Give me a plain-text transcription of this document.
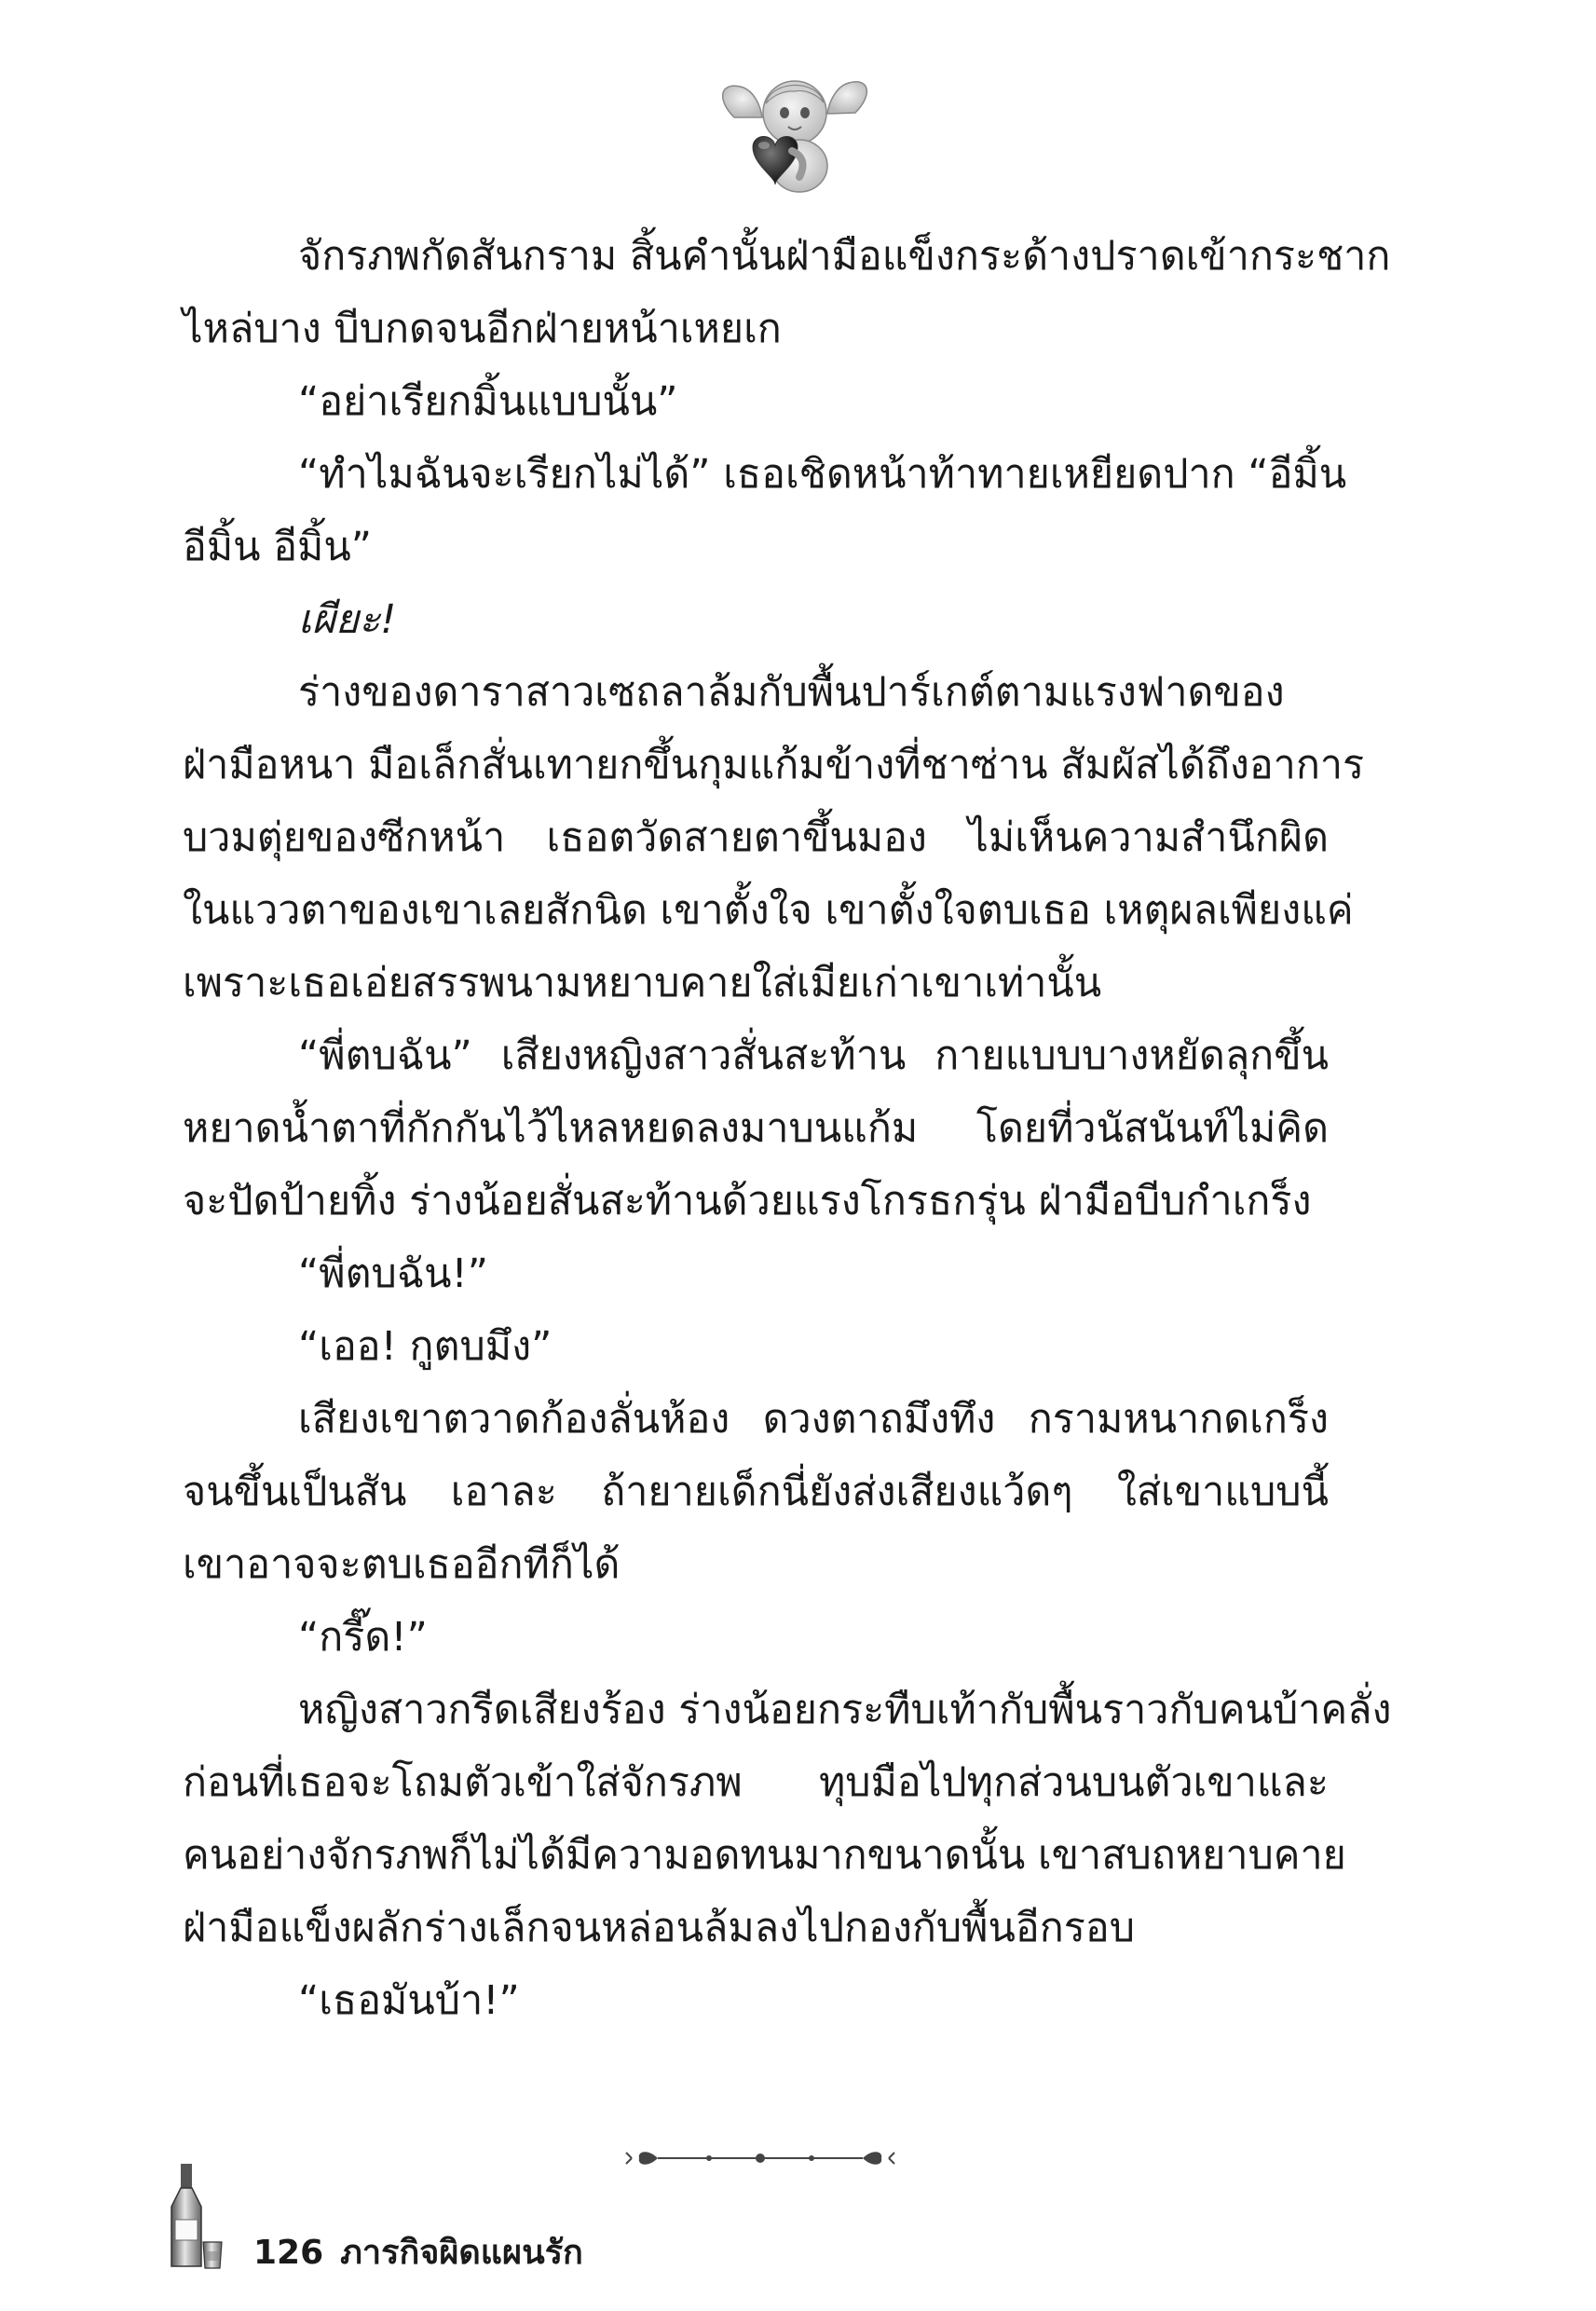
จักรภพกัดสันกราม สิ้นคำนั้นฝ่ามือแข็งกระด้างปราดเข้ากระชาก
ไหล่บาง บีบกดจนอีกฝ่ายหน้าเหยเก
“อย่าเรียกมิ้นแบบนั้น”
“ทำไมฉันจะเรียกไม่ได้” เธอเชิดหน้าท้าทายเหยียดปาก “อีมิ้น
อีมิ้น อีมิ้น”
เผียะ!
ร่างของดาราสาวเซถลาล้มกับพื้นปาร์เกต์ตามแรงฟาดของ
ฝ่ามือหนา มือเล็กสั่นเทายกขึ้นกุมแก้มข้างที่ชาซ่าน สัมผัสได้ถึงอาการ
บวมตุ่ยของซีกหน้า เธอตวัดสายตาขึ้นมอง ไม่เห็นความสำนึกผิด
ในแววตาของเขาเลยสักนิด เขาตั้งใจ เขาตั้งใจตบเธอ เหตุผลเพียงแค่
เพราะเธอเอ่ยสรรพนามหยาบคายใส่เมียเก่าเขาเท่านั้น
“พี่ตบฉัน” เสียงหญิงสาวสั่นสะท้าน กายแบบบางหยัดลุกขึ้น
หยาดน้ำตาที่กักกันไว้ไหลหยดลงมาบนแก้ม โดยที่วนัสนันท์ไม่คิด
จะปัดป้ายทิ้ง ร่างน้อยสั่นสะท้านด้วยแรงโกรธกรุ่น ฝ่ามือบีบกำเกร็ง
“พี่ตบฉัน!”
“เออ! กูตบมึง”
เสียงเขาตวาดก้องลั่นห้อง ดวงตาถมึงทึง กรามหนากดเกร็ง
จนขึ้นเป็นสัน เอาละ ถ้ายายเด็กนี่ยังส่งเสียงแว้ดๆ ใส่เขาแบบนี้
เขาอาจจะตบเธออีกทีก็ได้
“กรี๊ด!”
หญิงสาวกรีดเสียงร้อง ร่างน้อยกระทืบเท้ากับพื้นราวกับคนบ้าคลั่ง
ก่อนที่เธอจะโถมตัวเข้าใส่จักรภพ ทุบมือไปทุกส่วนบนตัวเขาและ
คนอย่างจักรภพก็ไม่ได้มีความอดทนมากขนาดนั้น เขาสบถหยาบคาย
ฝ่ามือแข็งผลักร่างเล็กจนหล่อนล้มลงไปกองกับพื้นอีกรอบ
“เธอมันบ้า!”
126 ภารกิจผิดแผนรัก
